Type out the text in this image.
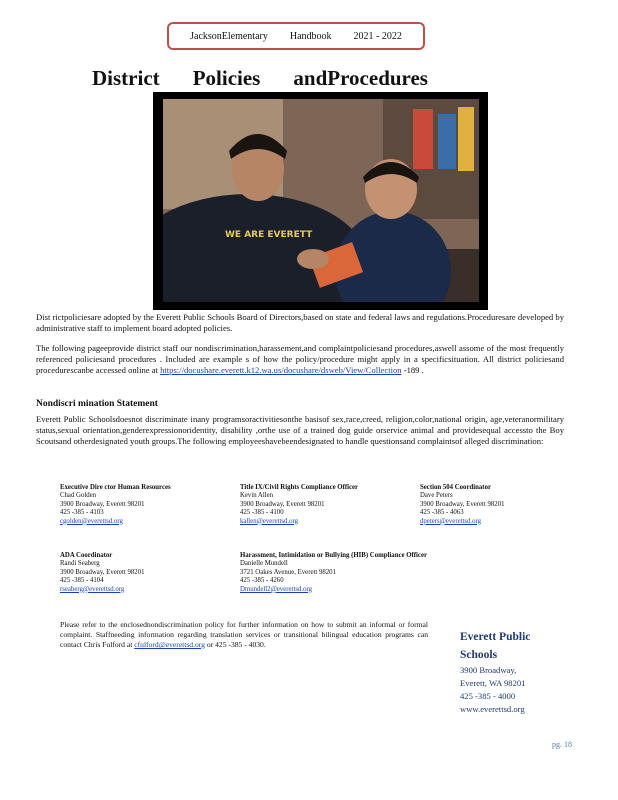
JacksonElementary Handbook 2021 - 2022
District Policies andProcedures
WE ARE EVERETT

Dist rictpoliciesare adopted by the Everett Public Schools Board of Directors,based on state and federal laws and regulations.Proceduresare developed by administrative staff to implement board adopted policies.

The following pageeprovide district staff our nondiscrimination,harassement,and complaintpoliciesand procedures,aswell assome of the most frequently referenced policiesand procedures . Included are example s of how the policy/procedure might apply in a specificsituation. All district policiesand procedurescanbe accessed online at https://docushare.everett.k12.wa.us/docushare/dsweb/View/Collection -189 .

Nondiscri mination Statement

Everett Public Schoolsdoesnot discriminate inany programsoractivitiesonthe basisof sex,race,creed, religion,color,national origin, age,veteranormilitary status,sexual orientation,genderexpressionoridentity, disability ,orthe use of a trained dog guide orservice animal and providesequal accessto the Boy Scoutsand otherdesignated youth groups.The following employeeshavebeendesignated to handle questionsand complaintsof alleged discrimination:

Executive Dire ctor Human Resources
Chad Golden
3900 Broadway, Everett 98201
425 -385 - 4103
cgolden@everettsd.org
Title IX/Civil Rights Compliance Officer
Kevin Allen
3900 Broadway, Everett 98201
425 -385 - 4100
kallen@everettsd.org
Section 504 Coordinator
Dave Peters
3900 Broadway, Everett 98201
425 -385 - 4063
dpeters@everettsd.org
ADA Coordinator
Randi Seaberg
3900 Broadway, Everett 98201
425 -385 - 4104
rseaberg@everettsd.org
Harassment, Intimidation or Bullying (HIB) Compliance Officer
Danielle Mundell
3721 Oakes Avenue, Everett 98201
425 -385 - 4260
Dmundell2@everettsd.org

Please refer to the enclosednondiscrimination policy for further information on how to submit an informal or formal complaint. Staffneeding information regarding translation services or transitional bilingual education programs can contact Chris Fulford at cfulford@everettsd.org or 425 -385 - 4030.

Everett Public Schools
3900 Broadway,
Everett, WA 98201
425 -385 - 4000
www.everettsd.org
pg. 18
